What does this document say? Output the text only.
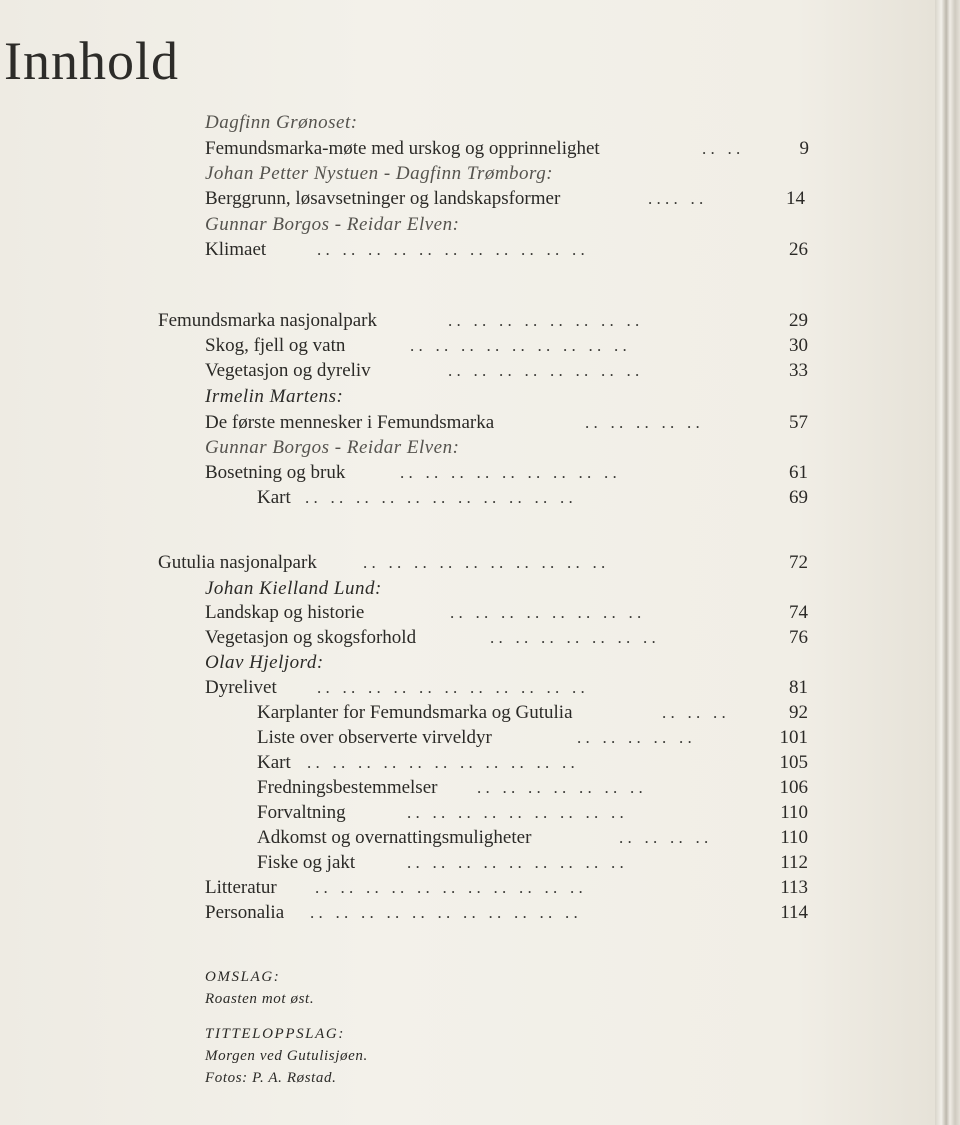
Innhold
Dagfinn Grønoset:
Femundsmarka-møte med urskog og opprinnelighet	. .   . .	9
Johan Petter Nystuen - Dagfinn Trømborg:
Berggrunn, løsavsetninger og landskapsformer	. . . .   . .	14
Gunnar Borgos - Reidar Elven:
Klimaet	. .   . .   . .   . .   . .   . .   . .   . .   . .   . .   . .	26
Femundsmarka nasjonalpark	. .   . .   . .   . .   . .   . .   . .   . .	29
Skog, fjell og vatn	. .   . .   . .   . .   . .   . .   . .   . .   . .	30
Vegetasjon og dyreliv	. .   . .   . .   . .   . .   . .   . .   . .	33
Irmelin Martens:
De første mennesker i Femundsmarka	. .   . .   . .   . .   . .	57
Gunnar Borgos - Reidar Elven:
Bosetning og bruk	. .   . .   . .   . .   . .   . .   . .   . .   . .	61
Kart . .   . .   . .   . .   . .   . .   . .   . .   . .   . .   . .	69
Gutulia nasjonalpark	. .   . .   . .   . .   . .   . .   . .   . .   . .   . .	72
Johan Kielland Lund:
Landskap og historie	. .   . .   . .   . .   . .   . .   . .   . .	74
Vegetasjon og skogsforhold	. .   . .   . .   . .   . .   . .   . .	76
Olav Hjeljord:
Dyrelivet . .   . .   . .   . .   . .   . .   . .   . .   . .   . .   . .	81
Karplanter for Femundsmarka og Gutulia	. .   . .   . .	92
Liste over observerte virveldyr	. .   . .   . .   . .   . .	101
Kart . .   . .   . .   . .   . .   . .   . .   . .   . .   . .   . .	105
Fredningsbestemmelser . .   . .   . .   . .   . .   . .   . .	106
Forvaltning	. .   . .   . .   . .   . .   . .   . .   . .   . .	110
Adkomst og overnattingsmuligheter	. .   . .   . .   . .	110
Fiske og jakt	. .   . .   . .   . .   . .   . .   . .   . .   . .	112
Litteratur . .   . .   . .   . .   . .   . .   . .   . .   . .   . .   . .	113
Personalia . .   . .   . .   . .   . .   . .   . .   . .   . .   . .   . .	114
OMSLAG:
Roasten mot øst.
TITTELOPPSLAG:
Morgen ved Gutulisjøen.
Fotos: P. A. Røstad.
